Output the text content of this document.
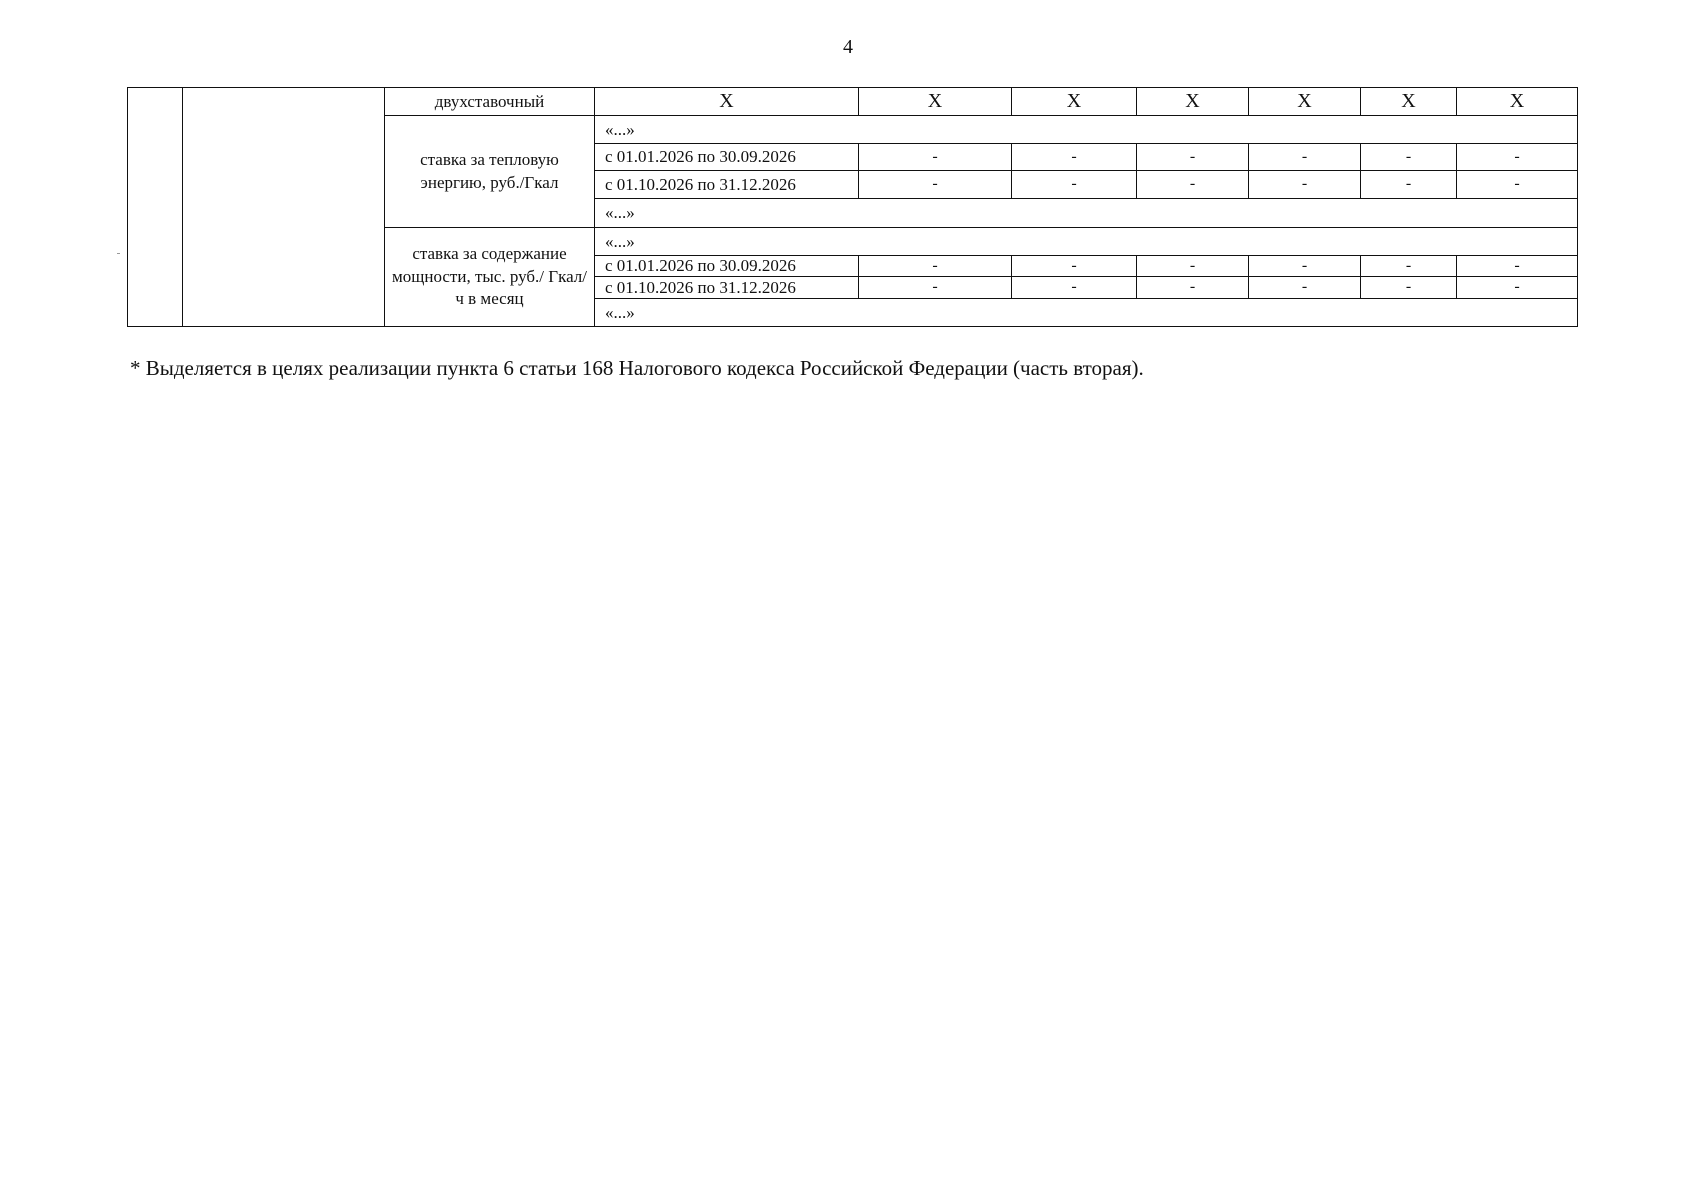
4
		двухставочный	X	X	X	X	X	X	X
		ставка за тепловую энергию, руб./Гкал	«...»						
			с 01.01.2026 по 30.09.2026	-	-	-	-	-	-
			с 01.10.2026 по 31.12.2026	-	-	-	-	-	-
			«...»						
		ставка за содержание мощности, тыс. руб./ Гкал/ч в месяц	«...»						
			с 01.01.2026 по 30.09.2026	-	-	-	-	-	-
			с 01.10.2026 по 31.12.2026	-	-	-	-	-	-
			«...»						
* Выделяется в целях реализации пункта 6 статьи 168 Налогового кодекса Российской Федерации (часть вторая).
